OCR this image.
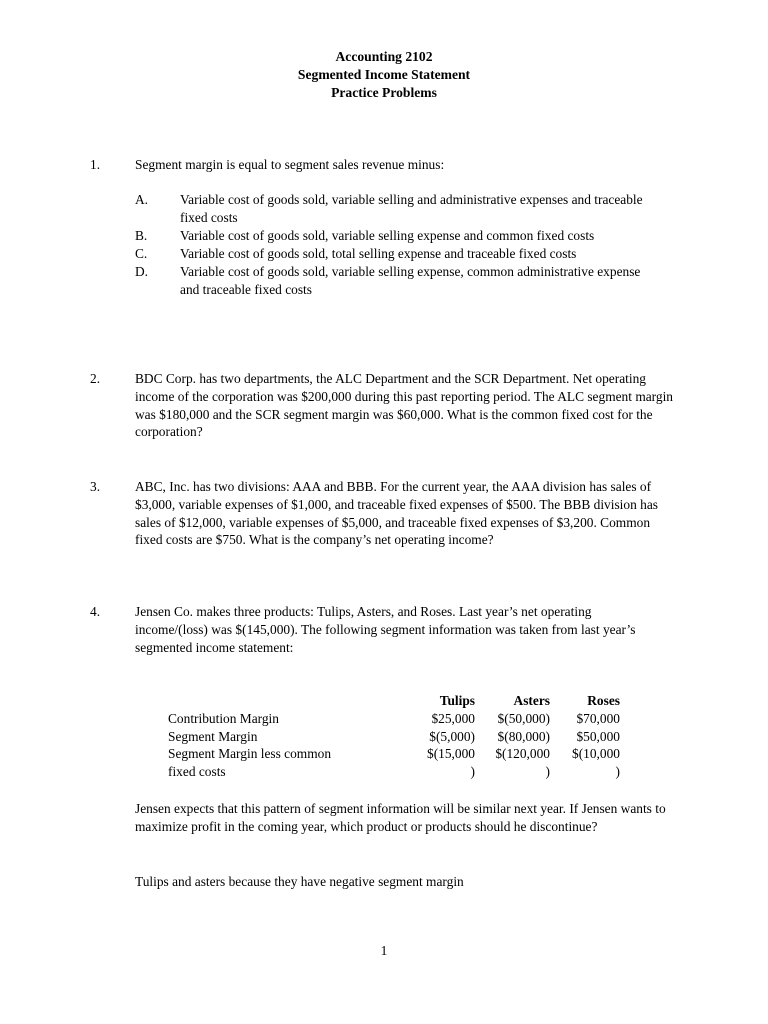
Accounting 2102
Segmented Income Statement
Practice Problems
1.	Segment margin is equal to segment sales revenue minus:
A. Variable cost of goods sold, variable selling and administrative expenses and traceable fixed costs
B. Variable cost of goods sold, variable selling expense and common fixed costs
C. Variable cost of goods sold, total selling expense and traceable fixed costs
D. Variable cost of goods sold, variable selling expense, common administrative expense and traceable fixed costs
2.	BDC Corp. has two departments, the ALC Department and the SCR Department. Net operating income of the corporation was $200,000 during this past reporting period. The ALC segment margin was $180,000 and the SCR segment margin was $60,000. What is the common fixed cost for the corporation?
3.	ABC, Inc. has two divisions: AAA and BBB. For the current year, the AAA division has sales of $3,000, variable expenses of $1,000, and traceable fixed expenses of $500. The BBB division has sales of $12,000, variable expenses of $5,000, and traceable fixed expenses of $3,200. Common fixed costs are $750. What is the company’s net operating income?
4.	Jensen Co. makes three products: Tulips, Asters, and Roses. Last year’s net operating income/(loss) was $(145,000). The following segment information was taken from last year’s segmented income statement:
	Tulips	Asters	Roses
Contribution Margin	$25,000	$(50,000)	$70,000
Segment Margin	$(5,000)	$(80,000)	$50,000
Segment Margin less common	$(15,000	$(120,000	$(10,000
fixed costs	)	)	)
Jensen expects that this pattern of segment information will be similar next year. If Jensen wants to maximize profit in the coming year, which product or products should he discontinue?
Tulips and asters because they have negative segment margin
1
